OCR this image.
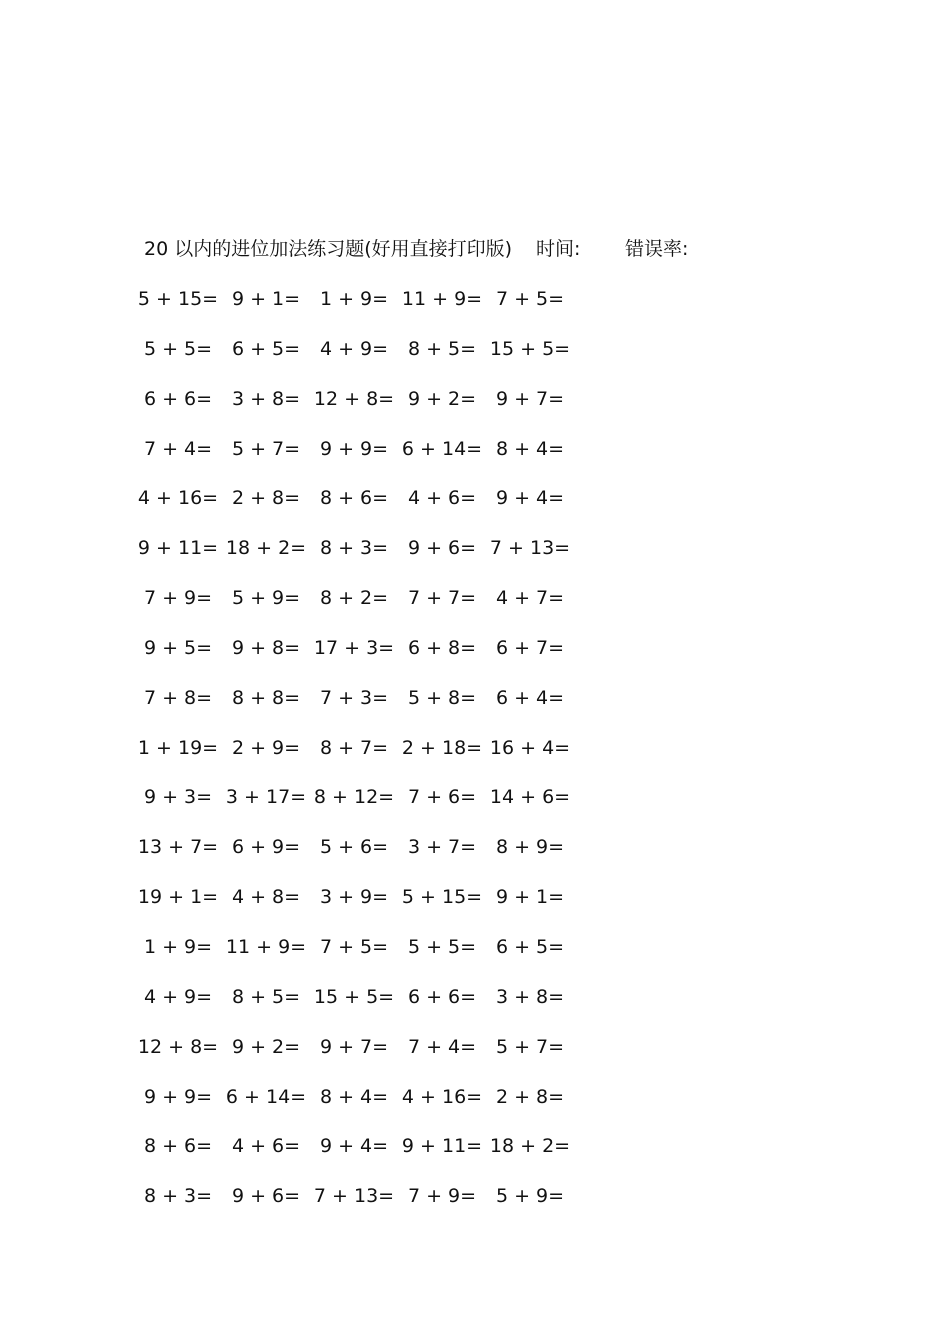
20 以内的进位加法练习题(好用直接打印版) 时间: 错误率:
5 + 15= 9 + 1=	1 + 9= 11 + 9= 7 + 5=
5 + 5=	6 + 5=	4 + 9=	8 + 5= 15 + 5=
6 + 6=	3 + 8= 12 + 8= 9 + 2=	9 + 7=
7 + 4=	5 + 7=	9 + 9= 6 + 14= 8 + 4=
4 + 16= 2 + 8=	8 + 6=	4 + 6=	9 + 4=
9 + 11= 18 + 2= 8 + 3=	9 + 6= 7 + 13=
7 + 9=	5 + 9=	8 + 2=	7 + 7=	4 + 7=
9 + 5=	9 + 8= 17 + 3= 6 + 8=	6 + 7=
7 + 8=	8 + 8=	7 + 3=	5 + 8=	6 + 4=
1 + 19= 2 + 9=	8 + 7= 2 + 18= 16 + 4=
9 + 3= 3 + 17= 8 + 12= 7 + 6= 14 + 6=
13 + 7= 6 + 9=	5 + 6=	3 + 7=	8 + 9=
19 + 1= 4 + 8=	3 + 9= 5 + 15= 9 + 1=
1 + 9= 11 + 9= 7 + 5=	5 + 5=	6 + 5=
4 + 9=	8 + 5= 15 + 5= 6 + 6=	3 + 8=
12 + 8= 9 + 2=	9 + 7=	7 + 4=	5 + 7=
9 + 9= 6 + 14= 8 + 4= 4 + 16= 2 + 8=
8 + 6=	4 + 6=	9 + 4= 9 + 11= 18 + 2=
8 + 3=	9 + 6= 7 + 13= 7 + 9=	5 + 9=
